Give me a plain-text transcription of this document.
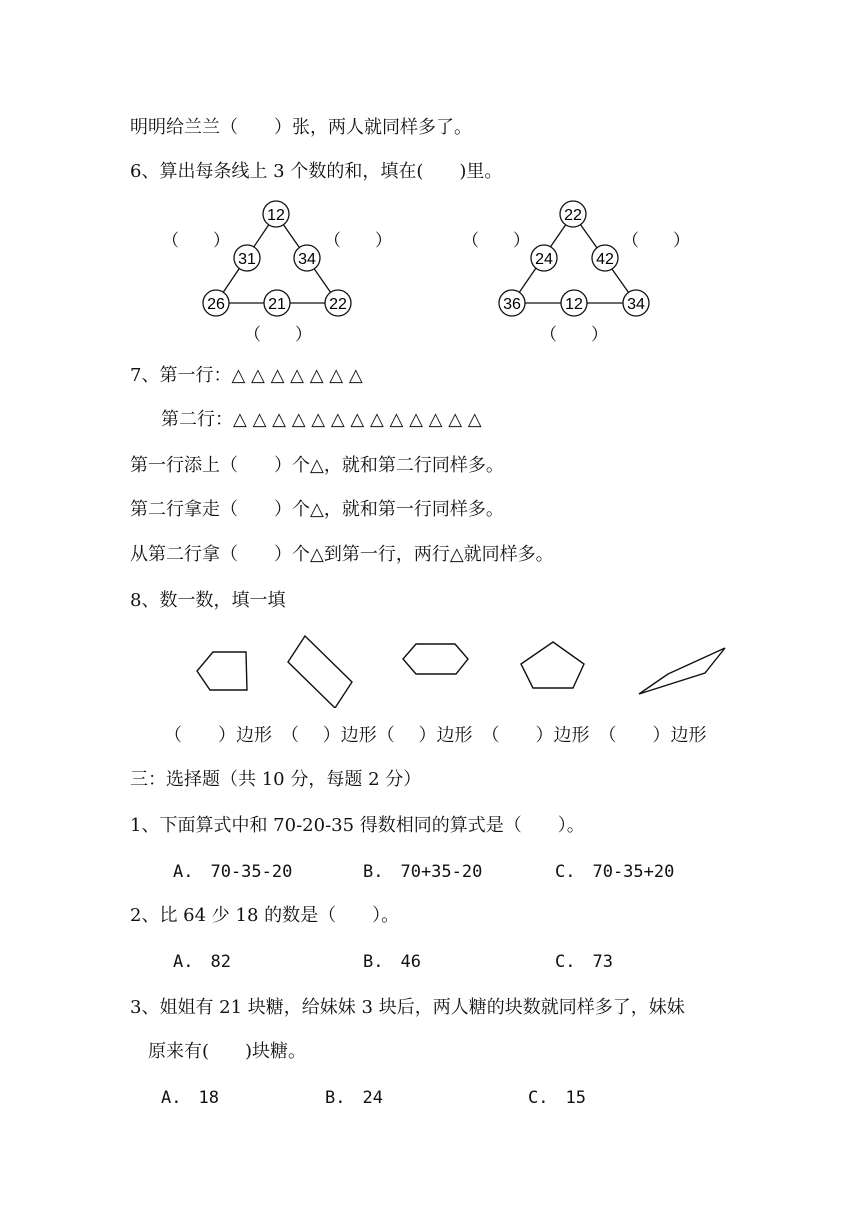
明明给兰兰（　　）张，两人就同样多了。
6、算出每条线上 3 个数的和，填在(　　)里。
12
31	34
26	21	22
（　　）	（　　）
（　　）
22
24	42
36	12	34
（　　）	（　　）
（　　）
7、第一行：△ △ △ △ △ △ △
第二行：△ △ △ △ △ △ △ △ △ △ △ △ △
第一行添上（　　）个△，就和第二行同样多。
第二行拿走（　　）个△，就和第一行同样多。
从第二行拿（　　）个△到第一行，两行△就同样多。
8、数一数，填一填
（　　）边形　（　 ）边形（　 ）边形　（　　）边形　（　　）边形
三：选择题（共 10 分，每题 2 分）
1、下面算式中和 70-20-35 得数相同的算式是（　　）。
A.　70-35-20	B.　70+35-20	C.　70-35+20
2、比 64 少 18 的数是（　　）。
A.　82	B.　46	C.　73
3、姐姐有 21 块糖，给妹妹 3 块后，两人糖的块数就同样多了，妹妹
原来有(　　)块糖。
A.　18	B.　24	C.　15
